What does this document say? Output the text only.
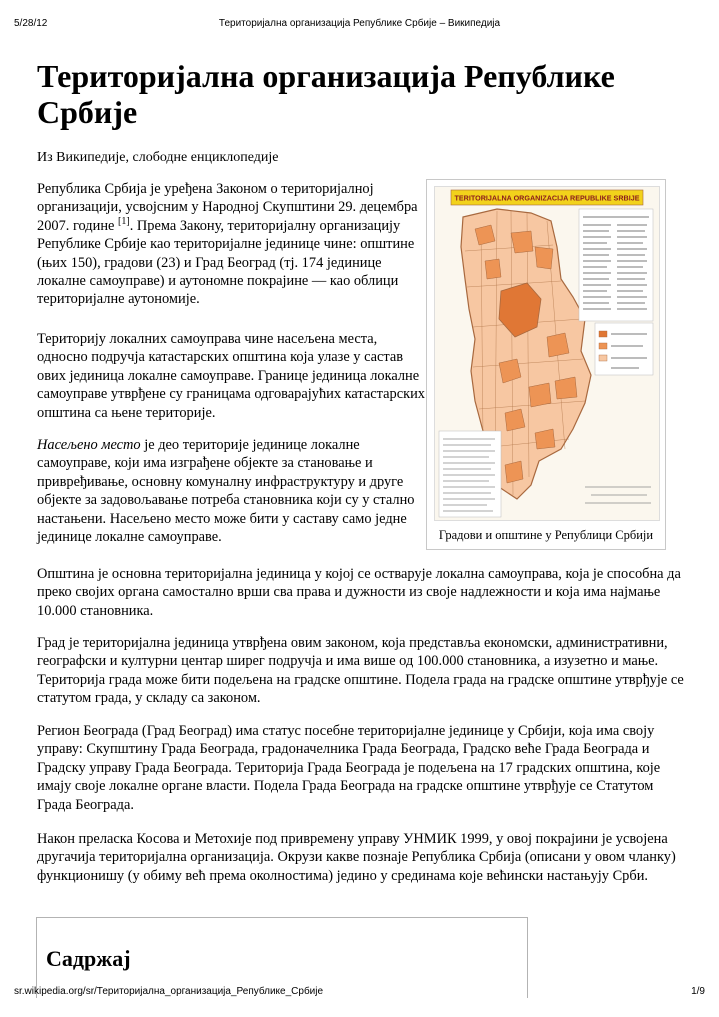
5/28/12	Територијална организација Републике Србије – Википедија
Територијална организација Републике Србије
Из Википедије, слободне енциклопедије

Република Србија је уређена Законом о територијалној организацији, усвојсним у Народној Скупштини 29. децембра 2007. године [1]. Према Закону, територијалну организацију Републике Србије као територијалне јединице чине: општине (њих 150), градови (23) и Град Београд (тј. 174 јединице локалне самоуправе) и аутономне покрајине — као облици територијалне аутономије.

Територију локалних самоуправа чине насељена места, односно подручја катастарских општина која улазе у састав ових јединица локалне самоуправе. Границе јединица локалне самоуправе утврђене су границама одговарајућих катастарских општина са њене територије.

Насељено место је део територије јединице локалне самоуправе, који има изграђене објекте за становање и привређивање, основну комуналну инфраструктуру и друге објекте за задовољавање потреба становника који су у стално настањени. Насељено место може бити у саставу само једне јединице локалне самоуправе.

TERITORIJALNA ORGANIZACIJA REPUBLIKE SRBIJE
Градови и општине у Републици Србији

Општина је основна територијална јединица у којој се остварује локална самоуправа, која је способна да преко својих органа самостално врши сва права и дужности из своје надлежности и која има најмање 10.000 становника.

Град је територијална јединица утврђена овим законом, која представља економски, административни, географски и културни центар ширег подручја и има више од 100.000 становника, а изузетно и мање. Територија града може бити подељена на градске општине. Подела града на градске општине утврђује се статутом града, у складу са законом.

Регион Београда (Град Београд) има статус посебне територијалне јединице у Србији, која има своју управу: Скупштину Града Београда, градоначелника Града Београда, Градско веће Града Београда и Градску управу Града Београда. Територија Града Београда је подељена на 17 градских општина, које имају своје локалне органе власти. Подела Града Београда на градске општине утврђује се Статутом Града Београда.

Након преласка Косова и Метохије под привремену управу УНМИК 1999, у овој покрајини је усвојена другачија територијална организација. Окрузи какве познаје Република Србија (описани у овом чланку) функционишу (у обиму већ према околностима) једино у срединама које већински настањују Срби.

Садржај
sr.wikipedia.org/sr/Територијална_организација_Републике_Србије	1/9
